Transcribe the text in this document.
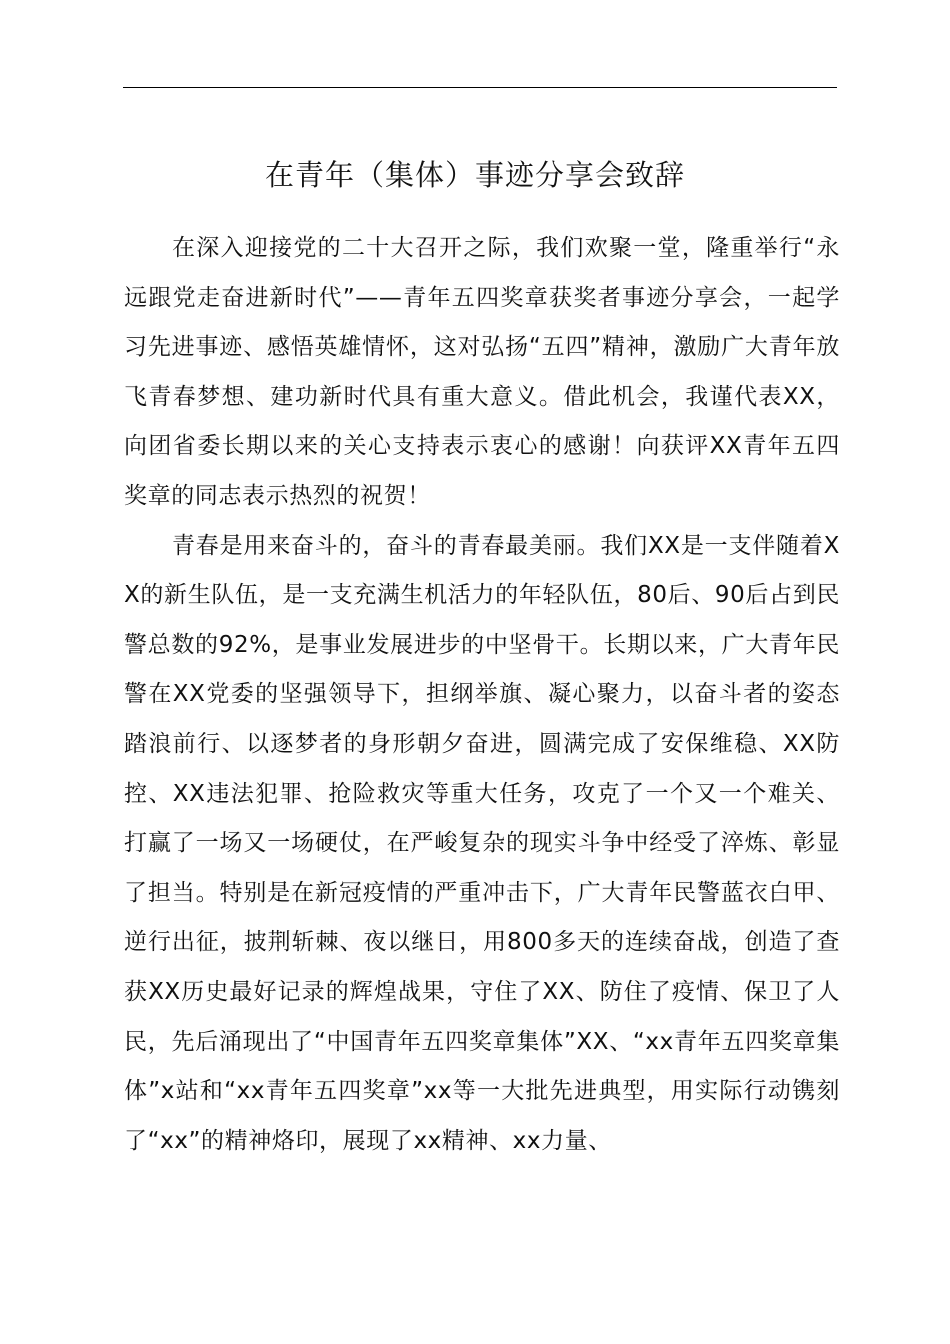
在青年（集体）事迹分享会致辞

在深入迎接党的二十大召开之际，我们欢聚一堂，隆重举行“永远跟党走奋进新时代”——青年五四奖章获奖者事迹分享会，一起学习先进事迹、感悟英雄情怀，这对弘扬“五四”精神，激励广大青年放飞青春梦想、建功新时代具有重大意义。借此机会，我谨代表XX，向团省委长期以来的关心支持表示衷心的感谢！向获评XX青年五四奖章的同志表示热烈的祝贺！

青春是用来奋斗的，奋斗的青春最美丽。我们XX是一支伴随着XX的新生队伍，是一支充满生机活力的年轻队伍，80后、90后占到民警总数的92%，是事业发展进步的中坚骨干。长期以来，广大青年民警在XX党委的坚强领导下，担纲举旗、凝心聚力，以奋斗者的姿态踏浪前行、以逐梦者的身形朝夕奋进，圆满完成了安保维稳、XX防控、XX违法犯罪、抢险救灾等重大任务，攻克了一个又一个难关、打赢了一场又一场硬仗，在严峻复杂的现实斗争中经受了淬炼、彰显了担当。特别是在新冠疫情的严重冲击下，广大青年民警蓝衣白甲、逆行出征，披荆斩棘、夜以继日，用800多天的连续奋战，创造了查获XX历史最好记录的辉煌战果，守住了XX、防住了疫情、保卫了人民，先后涌现出了“中国青年五四奖章集体”XX、“xx青年五四奖章集体”x站和“xx青年五四奖章”xx等一大批先进典型，用实际行动镌刻了“xx”的精神烙印，展现了xx精神、xx力量、
